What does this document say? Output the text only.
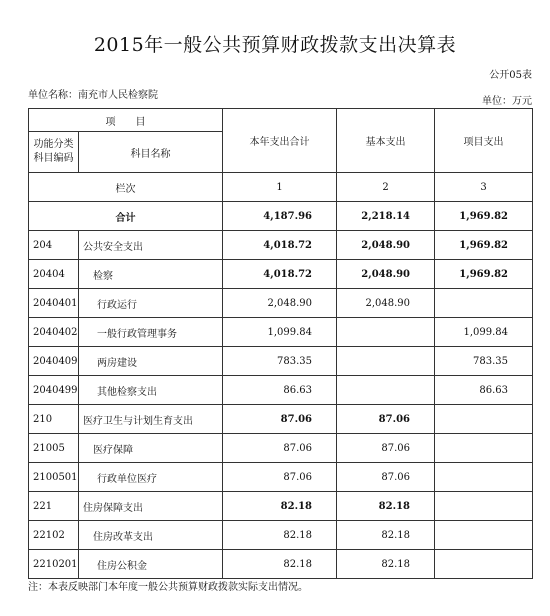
2015年一般公共预算财政拨款支出决算表
公开05表
单位名称：南充市人民检察院
单位：万元
项　　目		本年支出合计	基本支出	项目支出
功能分类
科目编码	科目名称			
栏次		1	2	3
合计		4,187.96	2,218.14	1,969.82
204	公共安全支出	4,018.72	2,048.90	1,969.82
20404	检察	4,018.72	2,048.90	1,969.82
2040401	行政运行	2,048.90	2,048.90	
2040402	一般行政管理事务	1,099.84		1,099.84
2040409	两房建设	783.35		783.35
2040499	其他检察支出	86.63		86.63
210	医疗卫生与计划生育支出	87.06	87.06	
21005	医疗保障	87.06	87.06	
2100501	行政单位医疗	87.06	87.06	
221	住房保障支出	82.18	82.18	
22102	住房改革支出	82.18	82.18	
2210201	住房公积金	82.18	82.18	
注：本表反映部门本年度一般公共预算财政拨款实际支出情况。
